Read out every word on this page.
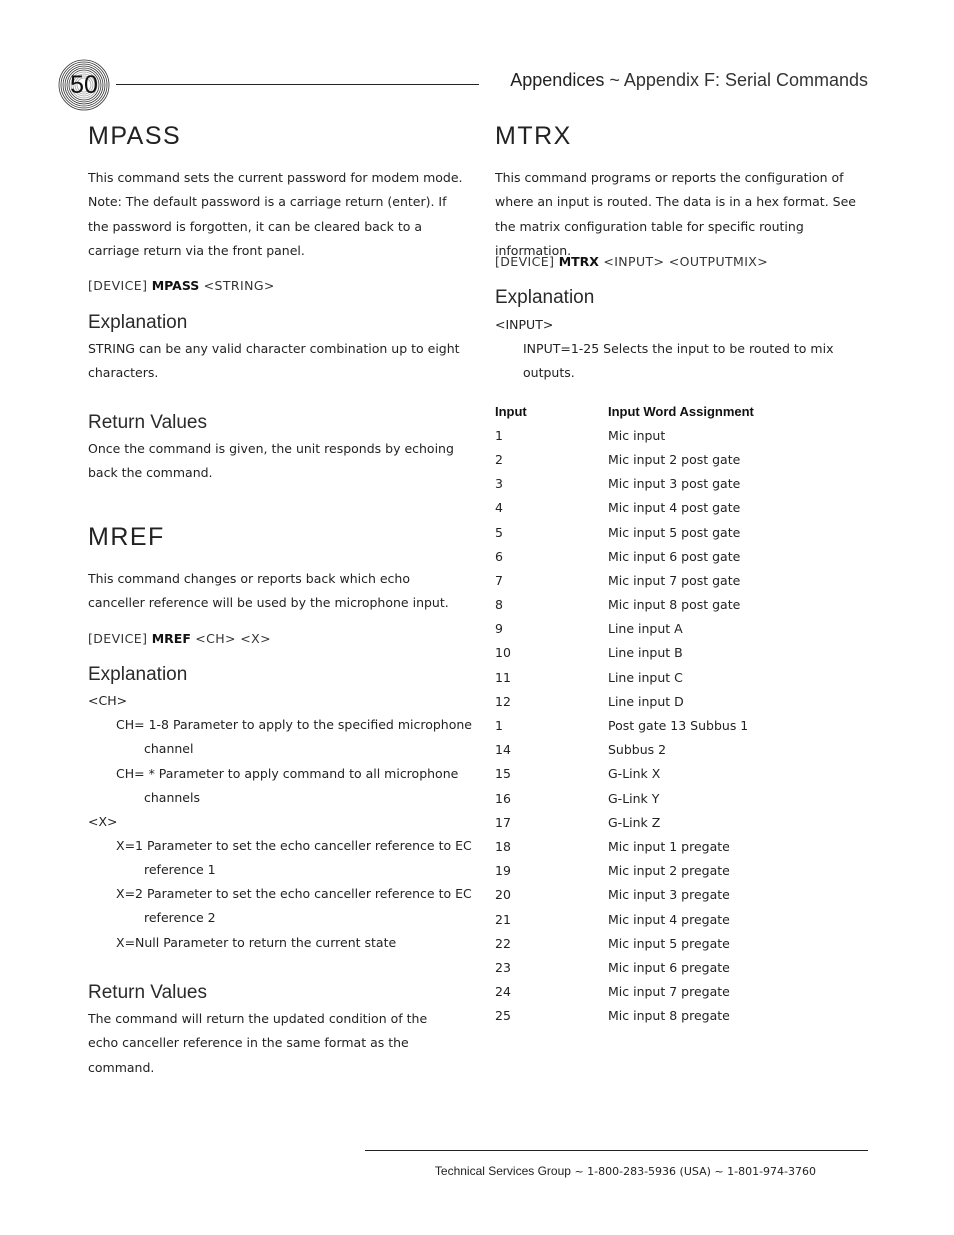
50	Appendices ~ Appendix F: Serial Commands
MPASS
This command sets the current password for modem mode. Note: The default password is a carriage return (enter). If the password is forgotten, it can be cleared back to a carriage return via the front panel.
[DEVICE] MPASS <STRING>
Explanation
STRING can be any valid character combination up to eight characters.
Return Values
Once the command is given, the unit responds by echoing back the command.
MREF
This command changes or reports back which echo canceller reference will be used by the microphone input.
[DEVICE] MREF <CH> <X>
Explanation
<CH>
CH= 1-8 Parameter to apply to the specified microphone channel
CH= * Parameter to apply command to all microphone channels
<X>
X=1 Parameter to set the echo canceller reference to EC reference 1
X=2 Parameter to set the echo canceller reference to EC reference 2
X=Null Parameter to return the current state
Return Values
The command will return the updated condition of the echo canceller reference in the same format as the command.
MTRX
This command programs or reports the configuration of where an input is routed. The data is in a hex format. See the matrix configuration table for specific routing information.
[DEVICE] MTRX <INPUT> <OUTPUTMIX>
Explanation
<INPUT>
INPUT=1-25 Selects the input to be routed to mix outputs.
Input	Input Word Assignment
1	Mic input
2	Mic input 2 post gate
3	Mic input 3 post gate
4	Mic input 4 post gate
5	Mic input 5 post gate
6	Mic input 6 post gate
7	Mic input 7 post gate
8	Mic input 8 post gate
9	Line input A
10	Line input B
11	Line input C
12	Line input D
1	Post gate 13 Subbus 1
14	Subbus 2
15	G-Link X
16	G-Link Y
17	G-Link Z
18	Mic input 1 pregate
19	Mic input 2 pregate
20	Mic input 3 pregate
21	Mic input 4 pregate
22	Mic input 5 pregate
23	Mic input 6 pregate
24	Mic input 7 pregate
25	Mic input 8 pregate
Technical Services Group ~ 1-800-283-5936 (USA) ~ 1-801-974-3760
